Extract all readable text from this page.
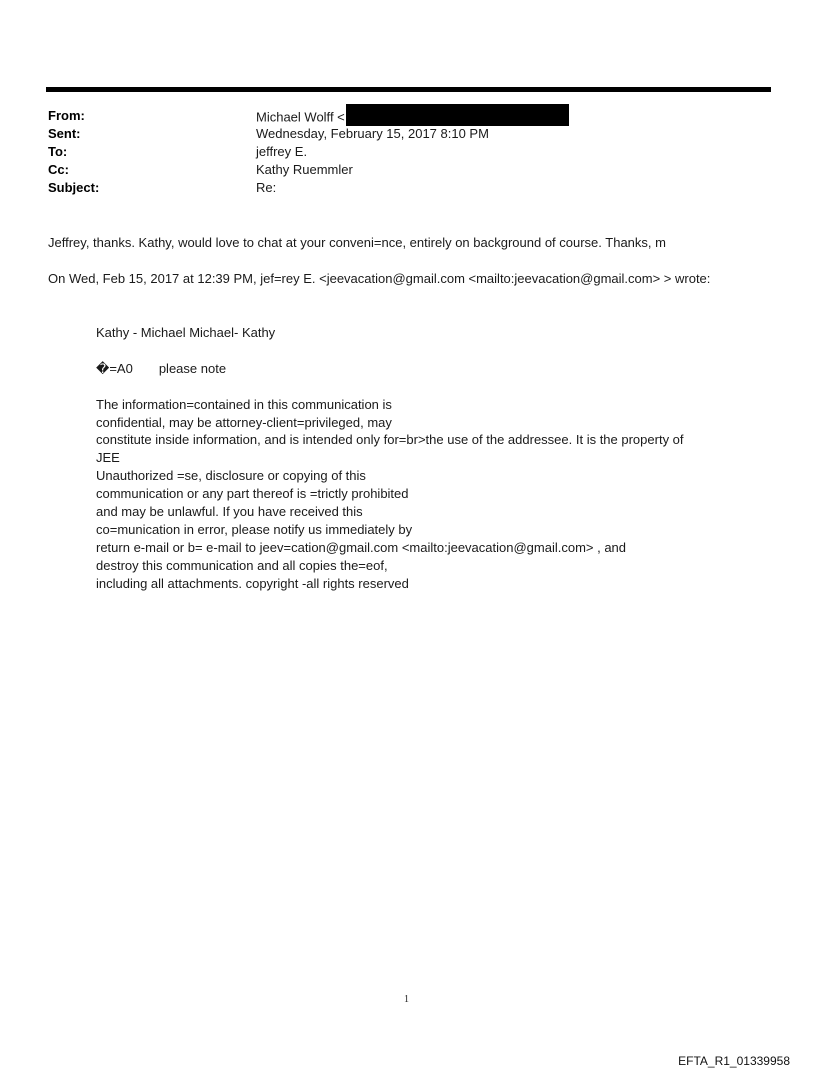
From:	Michael Wolff <
Sent:	Wednesday, February 15, 2017 8:10 PM
To:	jeffrey E.
Cc:	Kathy Ruemmler
Subject:	Re:
Jeffrey, thanks. Kathy, would love to chat at your conveni=nce, entirely on background of course. Thanks, m
On Wed, Feb 15, 2017 at 12:39 PM, jef=rey E. <jeevacation@gmail.com <mailto:jeevacation@gmail.com> > wrote:
Kathy - Michael Michael- Kathy
�=A0 please note
The information=contained in this communication is
confidential, may be attorney-client=privileged, may
constitute inside information, and is intended only for=br>the use of the addressee. It is the property of
JEE
Unauthorized =se, disclosure or copying of this
communication or any part thereof is =trictly prohibited
and may be unlawful. If you have received this
co=munication in error, please notify us immediately by
return e-mail or b= e-mail to jeev=cation@gmail.com <mailto:jeevacation@gmail.com> , and
destroy this communication and all copies the=eof,
including all attachments. copyright -all rights reserved
1
EFTA_R1_01339958
